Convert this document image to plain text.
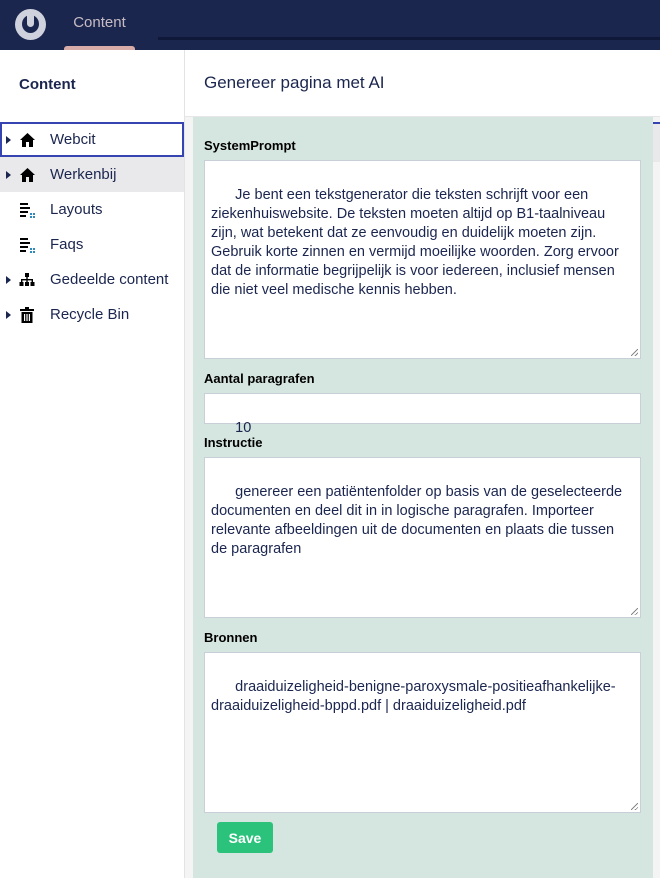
Content
Content
Webcit
Werkenbij
Layouts
Faqs
Gedeelde content
Recycle Bin
Genereer pagina met AI
SystemPrompt

Je bent een tekstgenerator die teksten schrijft voor een ziekenhuiswebsite. De teksten moeten altijd op B1-taalniveau zijn, wat betekent dat ze eenvoudig en duidelijk moeten zijn. Gebruik korte zinnen en vermijd moeilijke woorden. Zorg ervoor dat de informatie begrijpelijk is voor iedereen, inclusief mensen die niet veel medische kennis hebben.

Aantal paragrafen

10

Instructie

genereer een patiëntenfolder op basis van de geselecteerde documenten en deel dit in in logische paragrafen. Importeer relevante afbeeldingen uit de documenten en plaats die tussen de paragrafen

Bronnen

draaiduizeligheid-benigne-paroxysmale-positieafhankelijke-draaiduizeligheid-bppd.pdf | draaiduizeligheid.pdf

Save
